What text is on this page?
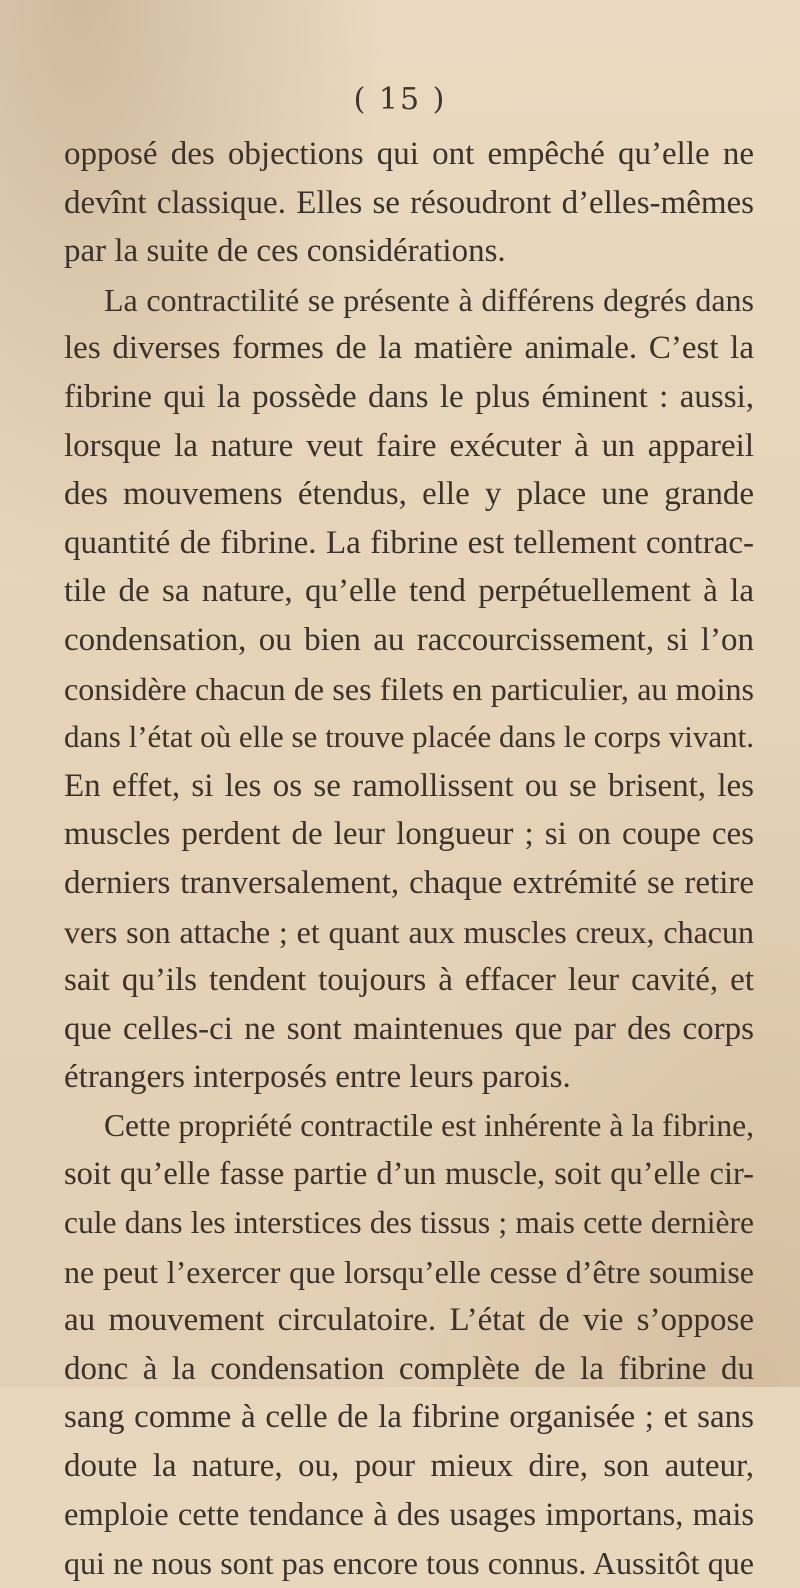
( 15 )
opposé des objections qui ont empêché qu’elle ne
devînt classique. Elles se résoudront d’elles-mêmes
par la suite de ces considérations.
La contractilité se présente à différens degrés dans
les diverses formes de la matière animale. C’est la
fibrine qui la possède dans le plus éminent : aussi,
lorsque la nature veut faire exécuter à un appareil
des mouvemens étendus, elle y place une grande
quantité de fibrine. La fibrine est tellement contrac-
tile de sa nature, qu’elle tend perpétuellement à la
condensation, ou bien au raccourcissement, si l’on
considère chacun de ses filets en particulier, au moins
dans l’état où elle se trouve placée dans le corps vivant.
En effet, si les os se ramollissent ou se brisent, les
muscles perdent de leur longueur ; si on coupe ces
derniers tranversalement, chaque extrémité se retire
vers son attache ; et quant aux muscles creux, chacun
sait qu’ils tendent toujours à effacer leur cavité, et
que celles-ci ne sont maintenues que par des corps
étrangers interposés entre leurs parois.
Cette propriété contractile est inhérente à la fibrine,
soit qu’elle fasse partie d’un muscle, soit qu’elle cir-
cule dans les interstices des tissus ; mais cette dernière
ne peut l’exercer que lorsqu’elle cesse d’être soumise
au mouvement circulatoire. L’état de vie s’oppose
donc à la condensation complète de la fibrine du
sang comme à celle de la fibrine organisée ; et sans
doute la nature, ou, pour mieux dire, son auteur,
emploie cette tendance à des usages importans, mais
qui ne nous sont pas encore tous connus. Aussitôt que
